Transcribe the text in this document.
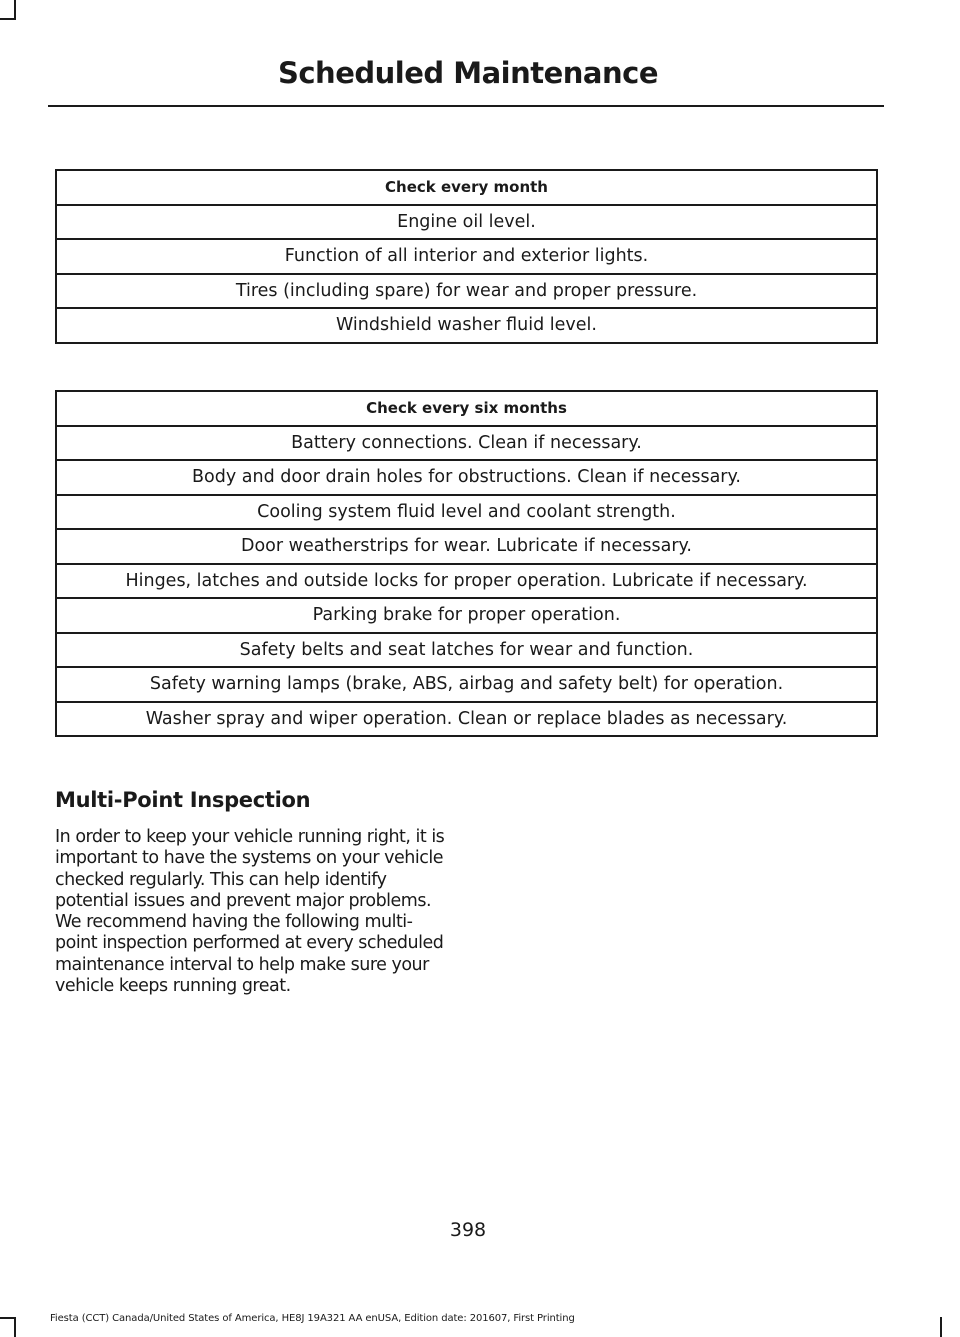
Scheduled Maintenance
Check every month
Engine oil level.
Function of all interior and exterior lights.
Tires (including spare) for wear and proper pressure.
Windshield washer fluid level.
Check every six months
Battery connections. Clean if necessary.
Body and door drain holes for obstructions. Clean if necessary.
Cooling system fluid level and coolant strength.
Door weatherstrips for wear. Lubricate if necessary.
Hinges, latches and outside locks for proper operation. Lubricate if necessary.
Parking brake for proper operation.
Safety belts and seat latches for wear and function.
Safety warning lamps (brake, ABS, airbag and safety belt) for operation.
Washer spray and wiper operation. Clean or replace blades as necessary.
Multi-Point Inspection

In order to keep your vehicle running right, it is important to have the systems on your vehicle checked regularly. This can help identify potential issues and prevent major problems. We recommend having the following multi-point inspection performed at every scheduled maintenance interval to help make sure your vehicle keeps running great.

398

Fiesta (CCT) Canada/United States of America, HE8J 19A321 AA enUSA, Edition date: 201607, First Printing
